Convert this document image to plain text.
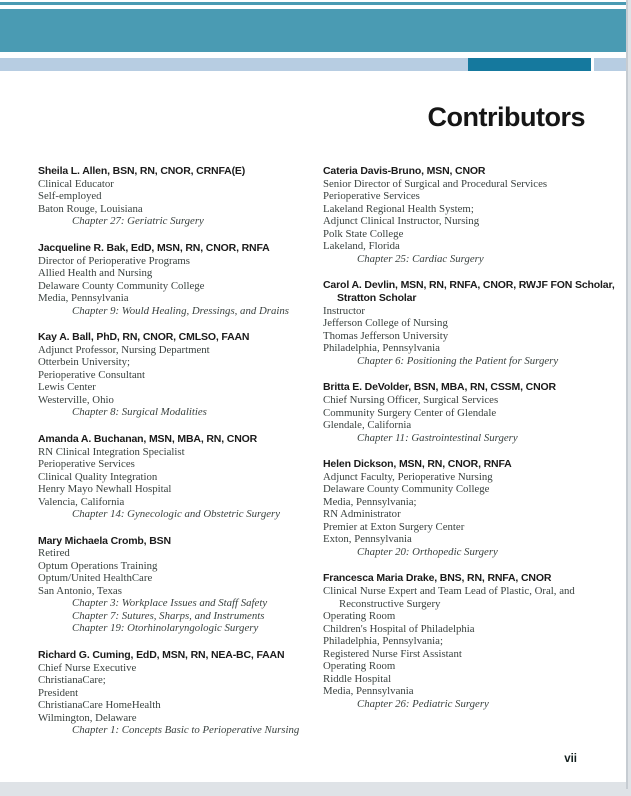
Contributors
Sheila L. Allen, BSN, RN, CNOR, CRNFA(E)
Clinical Educator
Self-employed
Baton Rouge, Louisiana
Chapter 27: Geriatric Surgery
Jacqueline R. Bak, EdD, MSN, RN, CNOR, RNFA
Director of Perioperative Programs
Allied Health and Nursing
Delaware County Community College
Media, Pennsylvania
Chapter 9: Would Healing, Dressings, and Drains
Kay A. Ball, PhD, RN, CNOR, CMLSO, FAAN
Adjunct Professor, Nursing Department
Otterbein University;
Perioperative Consultant
Lewis Center
Westerville, Ohio
Chapter 8: Surgical Modalities
Amanda A. Buchanan, MSN, MBA, RN, CNOR
RN Clinical Integration Specialist
Perioperative Services
Clinical Quality Integration
Henry Mayo Newhall Hospital
Valencia, California
Chapter 14: Gynecologic and Obstetric Surgery
Mary Michaela Cromb, BSN
Retired
Optum Operations Training
Optum/United HealthCare
San Antonio, Texas
Chapter 3: Workplace Issues and Staff Safety
Chapter 7: Sutures, Sharps, and Instruments
Chapter 19: Otorhinolaryngologic Surgery
Richard G. Cuming, EdD, MSN, RN, NEA-BC, FAAN
Chief Nurse Executive
ChristianaCare;
President
ChristianaCare HomeHealth
Wilmington, Delaware
Chapter 1: Concepts Basic to Perioperative Nursing
Cateria Davis-Bruno, MSN, CNOR
Senior Director of Surgical and Procedural Services
Perioperative Services
Lakeland Regional Health System;
Adjunct Clinical Instructor, Nursing
Polk State College
Lakeland, Florida
Chapter 25: Cardiac Surgery
Carol A. Devlin, MSN, RN, RNFA, CNOR, RWJF FON Scholar,
Stratton Scholar
Instructor
Jefferson College of Nursing
Thomas Jefferson University
Philadelphia, Pennsylvania
Chapter 6: Positioning the Patient for Surgery
Britta E. DeVolder, BSN, MBA, RN, CSSM, CNOR
Chief Nursing Officer, Surgical Services
Community Surgery Center of Glendale
Glendale, California
Chapter 11: Gastrointestinal Surgery
Helen Dickson, MSN, RN, CNOR, RNFA
Adjunct Faculty, Perioperative Nursing
Delaware County Community College
Media, Pennsylvania;
RN Administrator
Premier at Exton Surgery Center
Exton, Pennsylvania
Chapter 20: Orthopedic Surgery
Francesca Maria Drake, BNS, RN, RNFA, CNOR
Clinical Nurse Expert and Team Lead of Plastic, Oral, and
Reconstructive Surgery
Operating Room
Children's Hospital of Philadelphia
Philadelphia, Pennsylvania;
Registered Nurse First Assistant
Operating Room
Riddle Hospital
Media, Pennsylvania
Chapter 26: Pediatric Surgery
vii
